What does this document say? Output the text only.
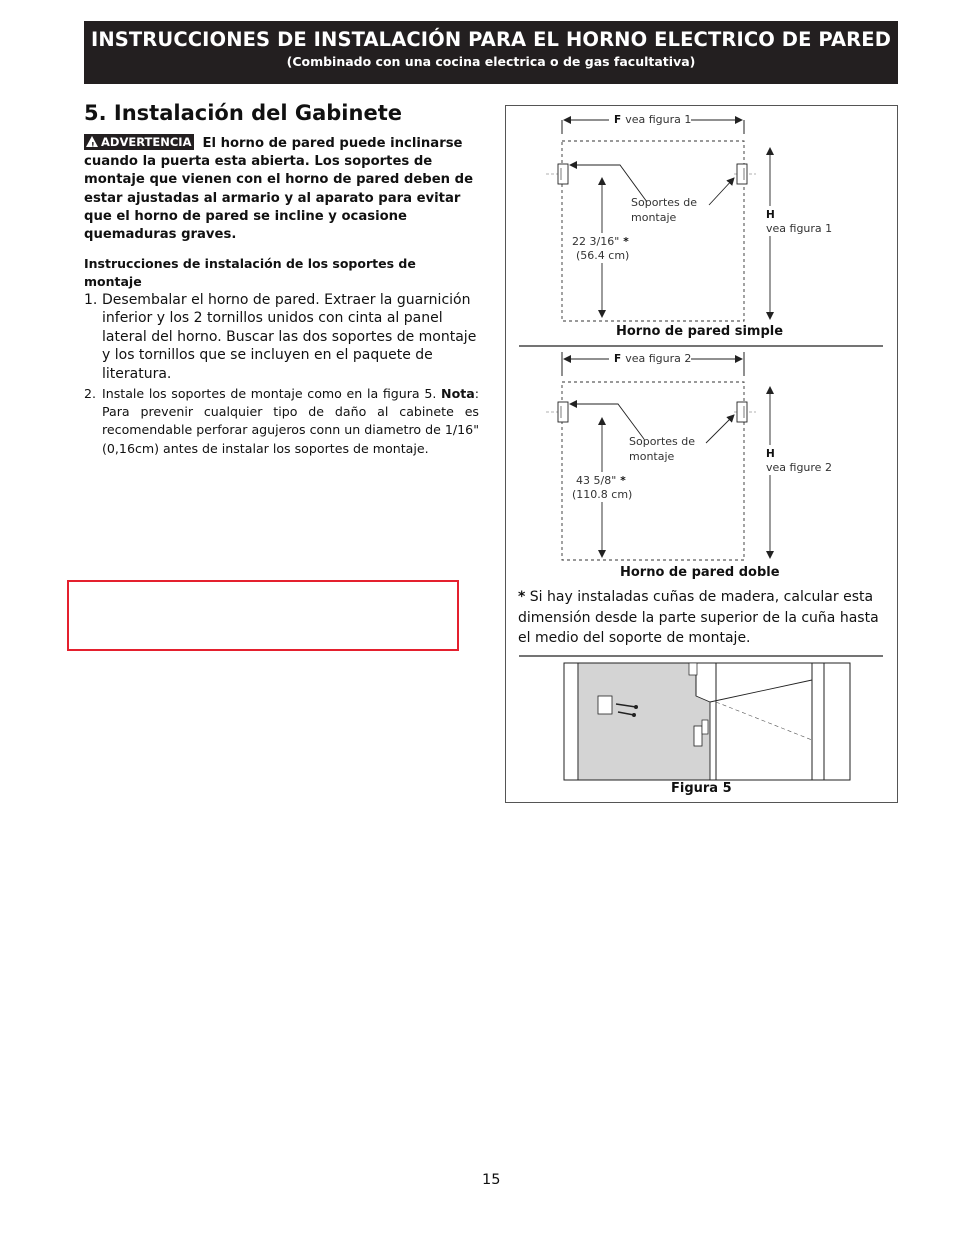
INSTRUCCIONES DE INSTALACIÓN PARA EL HORNO ELECTRICO DE PARED
(Combinado con una cocina electrica o de gas facultativa)
5. Instalación del Gabinete
! ADVERTENCIA El horno de pared puede inclinarse cuando la puerta esta abierta. Los soportes de montaje que vienen con el horno de pared deben de estar ajustadas al armario y al aparato para evitar que el horno de pared se incline y ocasione quemaduras graves.
Instrucciones de instalación de los soportes de montaje
1. Desembalar el horno de pared. Extraer la guarnición inferior y los 2 tornillos unidos con cinta al panel lateral del horno. Buscar las dos soportes de montaje y los tornillos que se incluyen en el paquete de literatura.
2. Instale los soportes de montaje como en la figura 5. Nota: Para prevenir cualquier tipo de daño al cabinete es recomendable perforar agujeros conn un diametro de 1/16" (0,16cm) antes de instalar los soportes de montaje.
F vea figura 1
Soportes de
montaje
22 3/16" *
(56.4 cm)
H
vea figura 1
F vea figura 2
Soportes de
montaje
43 5/8" *
(110.8 cm)
H
vea figure 2
Horno de pared simple
Horno de pared doble
Figura 5
* Si hay instaladas cuñas de madera, calcular esta dimensión desde la parte superior de la cuña hasta el medio del soporte de montaje.
15
